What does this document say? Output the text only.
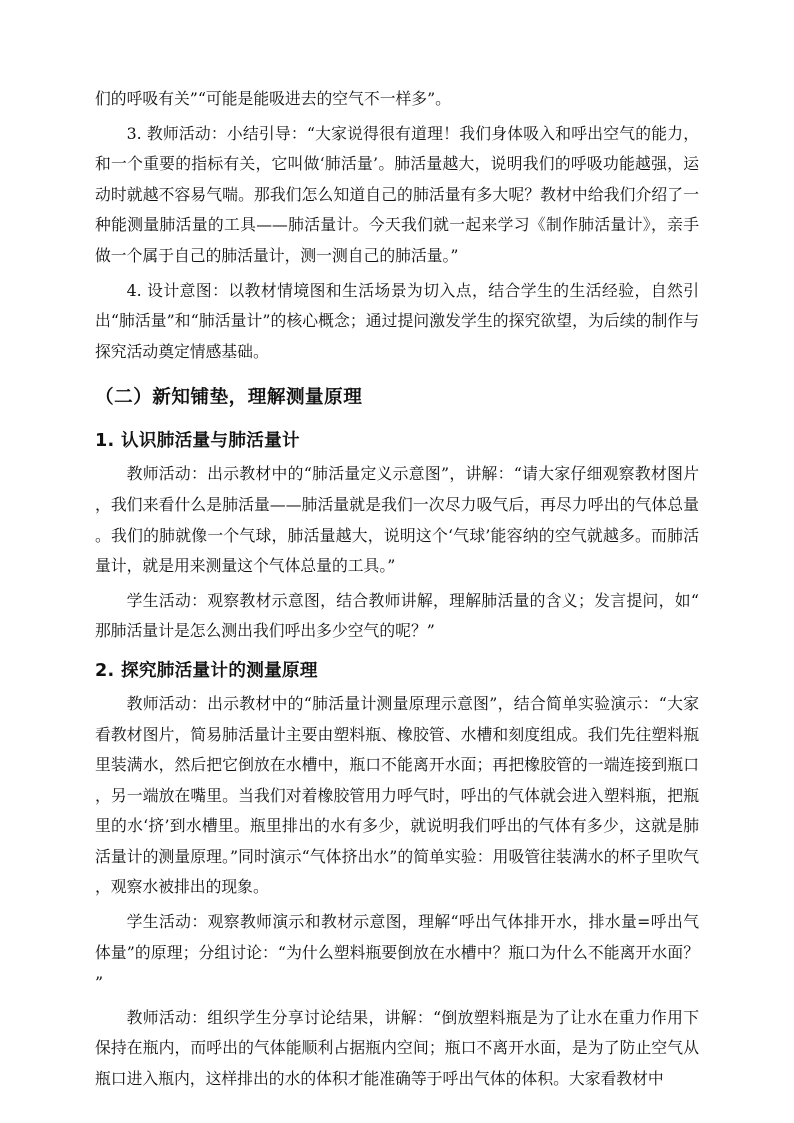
们的呼吸有关”“可能是能吸进去的空气不一样多”。

3. 教师活动：小结引导：“大家说得很有道理！我们身体吸入和呼出空气的能力，和一个重要的指标有关，它叫做‘肺活量’。肺活量越大，说明我们的呼吸功能越强，运动时就越不容易气喘。那我们怎么知道自己的肺活量有多大呢？教材中给我们介绍了一种能测量肺活量的工具——肺活量计。今天我们就一起来学习《制作肺活量计》，亲手做一个属于自己的肺活量计，测一测自己的肺活量。”

4. 设计意图：以教材情境图和生活场景为切入点，结合学生的生活经验，自然引出“肺活量”和“肺活量计”的核心概念；通过提问激发学生的探究欲望，为后续的制作与探究活动奠定情感基础。

（二）新知铺垫，理解测量原理
1. 认识肺活量与肺活量计

教师活动：出示教材中的“肺活量定义示意图”，讲解：“请大家仔细观察教材图片，我们来看什么是肺活量——肺活量就是我们一次尽力吸气后，再尽力呼出的气体总量。我们的肺就像一个气球，肺活量越大，说明这个‘气球’能容纳的空气就越多。而肺活量计，就是用来测量这个气体总量的工具。”

学生活动：观察教材示意图，结合教师讲解，理解肺活量的含义；发言提问，如“那肺活量计是怎么测出我们呼出多少空气的呢？”

2. 探究肺活量计的测量原理

教师活动：出示教材中的“肺活量计测量原理示意图”，结合简单实验演示：“大家看教材图片，简易肺活量计主要由塑料瓶、橡胶管、水槽和刻度组成。我们先往塑料瓶里装满水，然后把它倒放在水槽中，瓶口不能离开水面；再把橡胶管的一端连接到瓶口，另一端放在嘴里。当我们对着橡胶管用力呼气时，呼出的气体就会进入塑料瓶，把瓶里的水‘挤’到水槽里。瓶里排出的水有多少，就说明我们呼出的气体有多少，这就是肺活量计的测量原理。”同时演示“气体挤出水”的简单实验：用吸管往装满水的杯子里吹气，观察水被排出的现象。

学生活动：观察教师演示和教材示意图，理解“呼出气体排开水，排水量=呼出气体量”的原理；分组讨论：“为什么塑料瓶要倒放在水槽中？瓶口为什么不能离开水面？”

教师活动：组织学生分享讨论结果，讲解：“倒放塑料瓶是为了让水在重力作用下保持在瓶内，而呼出的气体能顺利占据瓶内空间；瓶口不离开水面，是为了防止空气从瓶口进入瓶内，这样排出的水的体积才能准确等于呼出气体的体积。大家看教材中
